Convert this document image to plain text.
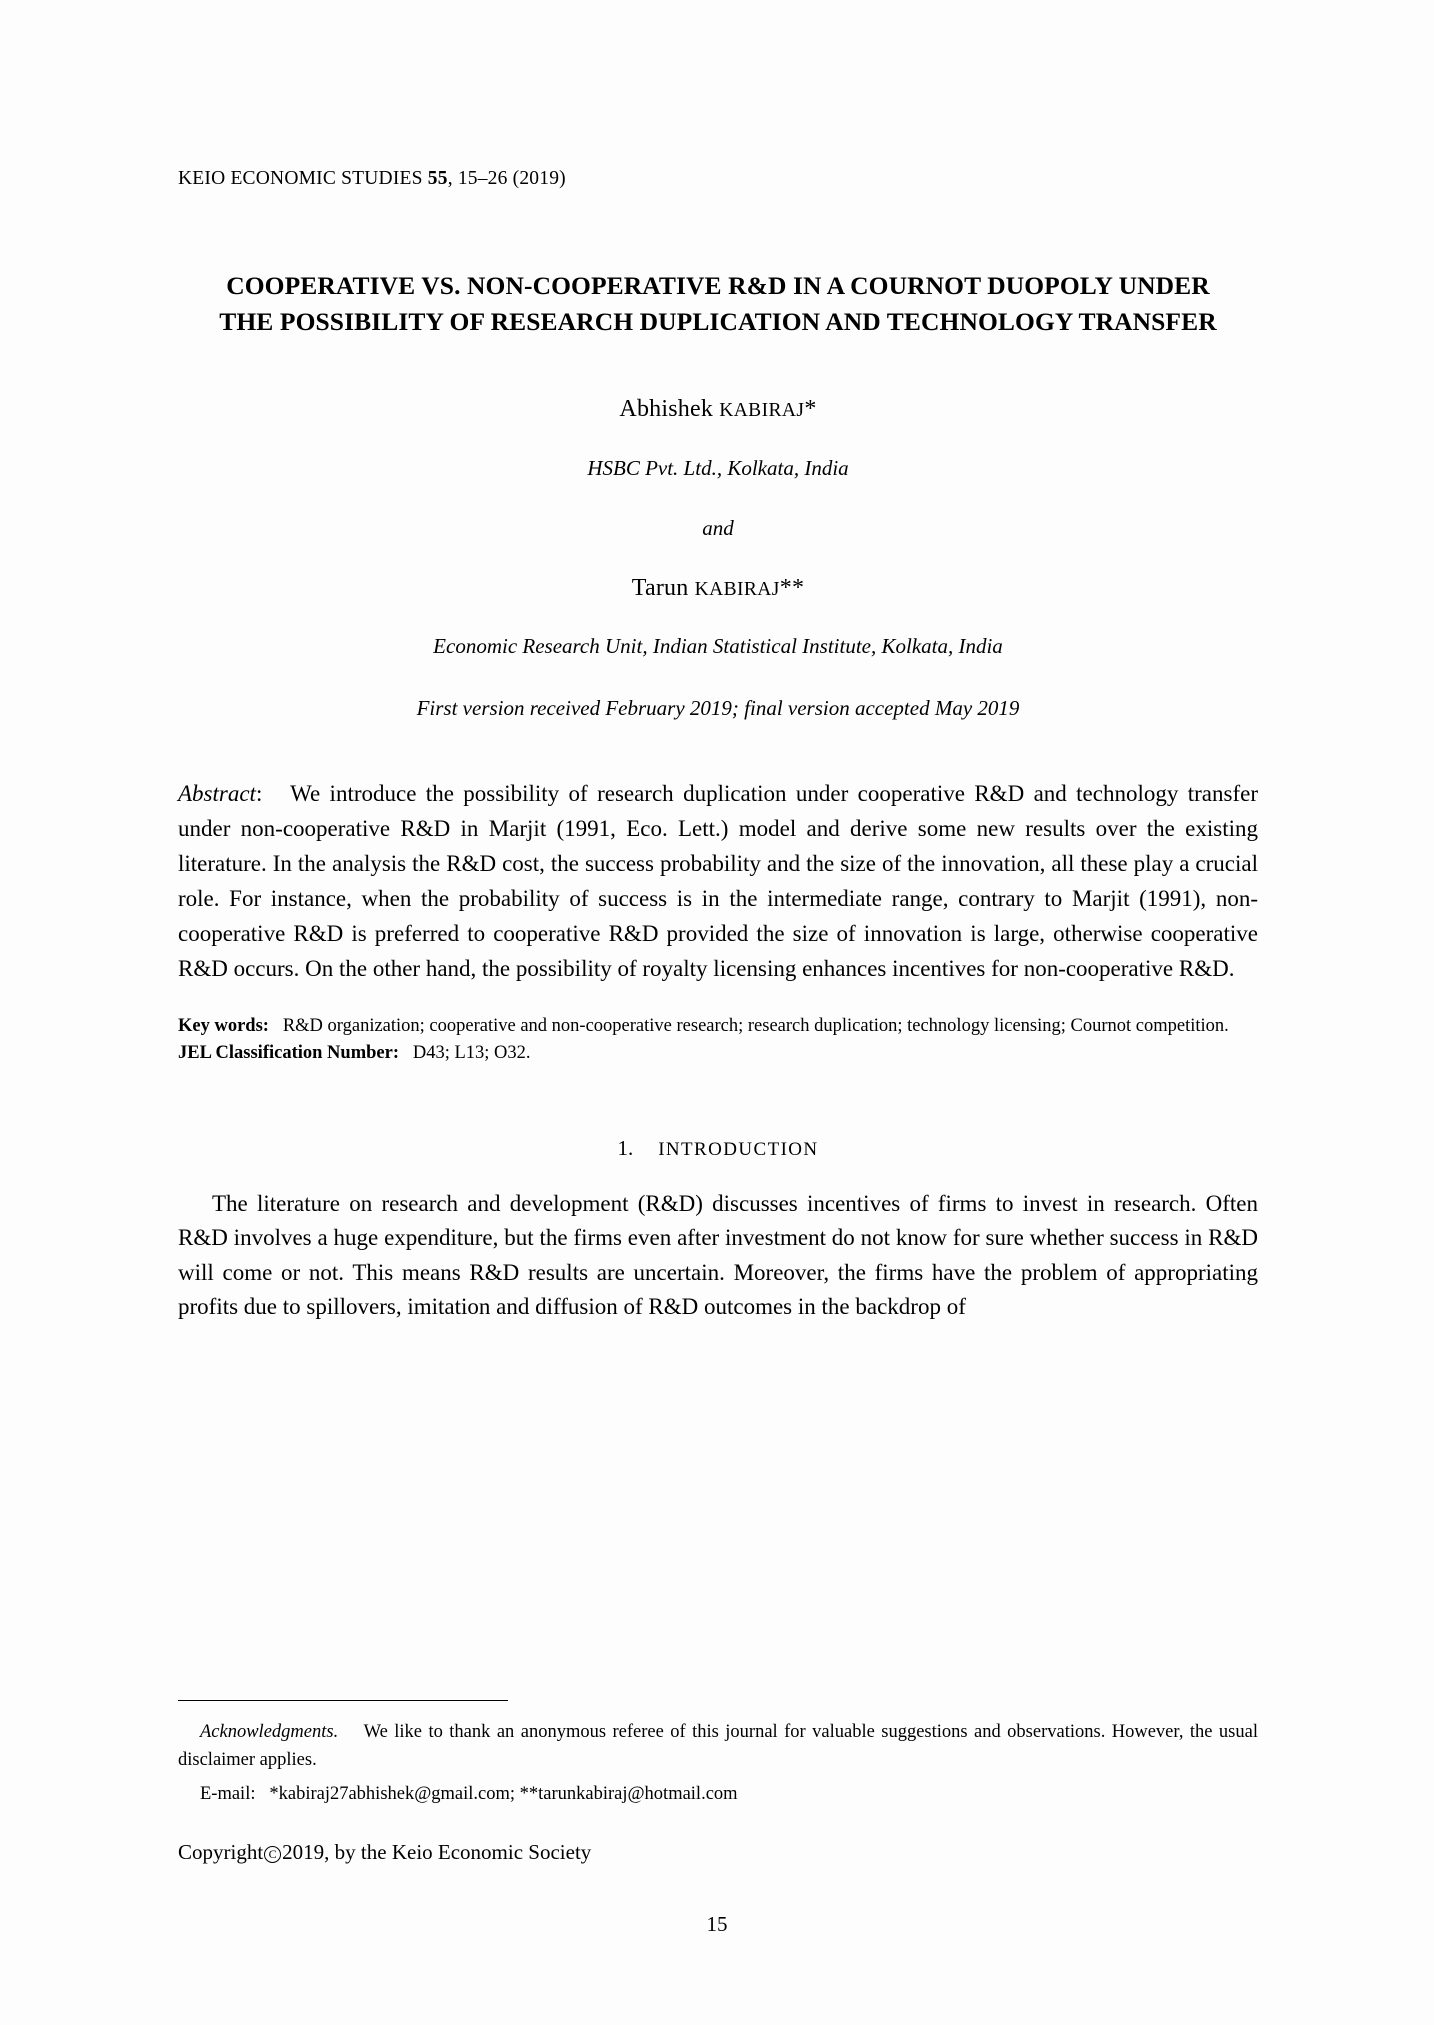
KEIO ECONOMIC STUDIES 55, 15–26 (2019)
COOPERATIVE VS. NON-COOPERATIVE R&D IN A COURNOT DUOPOLY UNDER THE POSSIBILITY OF RESEARCH DUPLICATION AND TECHNOLOGY TRANSFER
Abhishek KABIRAJ*
HSBC Pvt. Ltd., Kolkata, India
and
Tarun KABIRAJ**
Economic Research Unit, Indian Statistical Institute, Kolkata, India
First version received February 2019; final version accepted May 2019
Abstract: We introduce the possibility of research duplication under cooperative R&D and technology transfer under non-cooperative R&D in Marjit (1991, Eco. Lett.) model and derive some new results over the existing literature. In the analysis the R&D cost, the success probability and the size of the innovation, all these play a crucial role. For instance, when the probability of success is in the intermediate range, contrary to Marjit (1991), non-cooperative R&D is preferred to cooperative R&D provided the size of innovation is large, otherwise cooperative R&D occurs. On the other hand, the possibility of royalty licensing enhances incentives for non-cooperative R&D.
Key words: R&D organization; cooperative and non-cooperative research; research duplication; technology licensing; Cournot competition.
JEL Classification Number: D43; L13; O32.
1. INTRODUCTION
The literature on research and development (R&D) discusses incentives of firms to invest in research. Often R&D involves a huge expenditure, but the firms even after investment do not know for sure whether success in R&D will come or not. This means R&D results are uncertain. Moreover, the firms have the problem of appropriating profits due to spillovers, imitation and diffusion of R&D outcomes in the backdrop of
Acknowledgments. We like to thank an anonymous referee of this journal for valuable suggestions and observations. However, the usual disclaimer applies.
E-mail: *kabiraj27abhishek@gmail.com; **tarunkabiraj@hotmail.com
Copyright C 2019, by the Keio Economic Society
15
